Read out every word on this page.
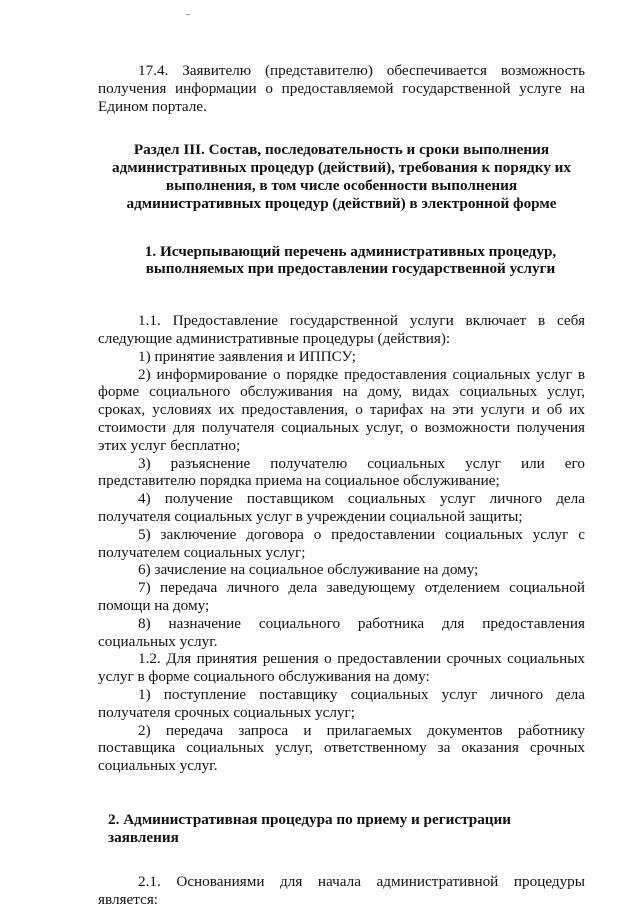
17.4. Заявителю (представителю) обеспечивается возможность получения информации о предоставляемой государственной услуге на Едином портале.

Раздел III. Состав, последовательность и сроки выполнения административных процедур (действий), требования к порядку их выполнения, в том числе особенности выполнения административных процедур (действий) в электронной форме

1. Исчерпывающий перечень административных процедур, выполняемых при предоставлении государственной услуги

1.1. Предоставление государственной услуги включает в себя следующие административные процедуры (действия):

1) принятие заявления и ИППСУ;

2) информирование о порядке предоставления социальных услуг в форме социального обслуживания на дому, видах социальных услуг, сроках, условиях их предоставления, о тарифах на эти услуги и об их стоимости для получателя социальных услуг, о возможности получения этих услуг бесплатно;

3) разъяснение получателю социальных услуг или его представителю порядка приема на социальное обслуживание;

4) получение поставщиком социальных услуг личного дела получателя социальных услуг в учреждении социальной защиты;

5) заключение договора о предоставлении социальных услуг с получателем социальных услуг;

6) зачисление на социальное обслуживание на дому;

7) передача личного дела заведующему отделением социальной помощи на дому;

8) назначение социального работника для предоставления социальных услуг.

1.2. Для принятия решения о предоставлении срочных социальных услуг в форме социального обслуживания на дому:

1) поступление поставщику социальных услуг личного дела получателя срочных социальных услуг;

2) передача запроса и прилагаемых документов работнику поставщика социальных услуг, ответственному за оказания срочных социальных услуг.

2. Административная процедура по приему и регистрации заявления

2.1. Основаниями для начала административной процедуры является:
